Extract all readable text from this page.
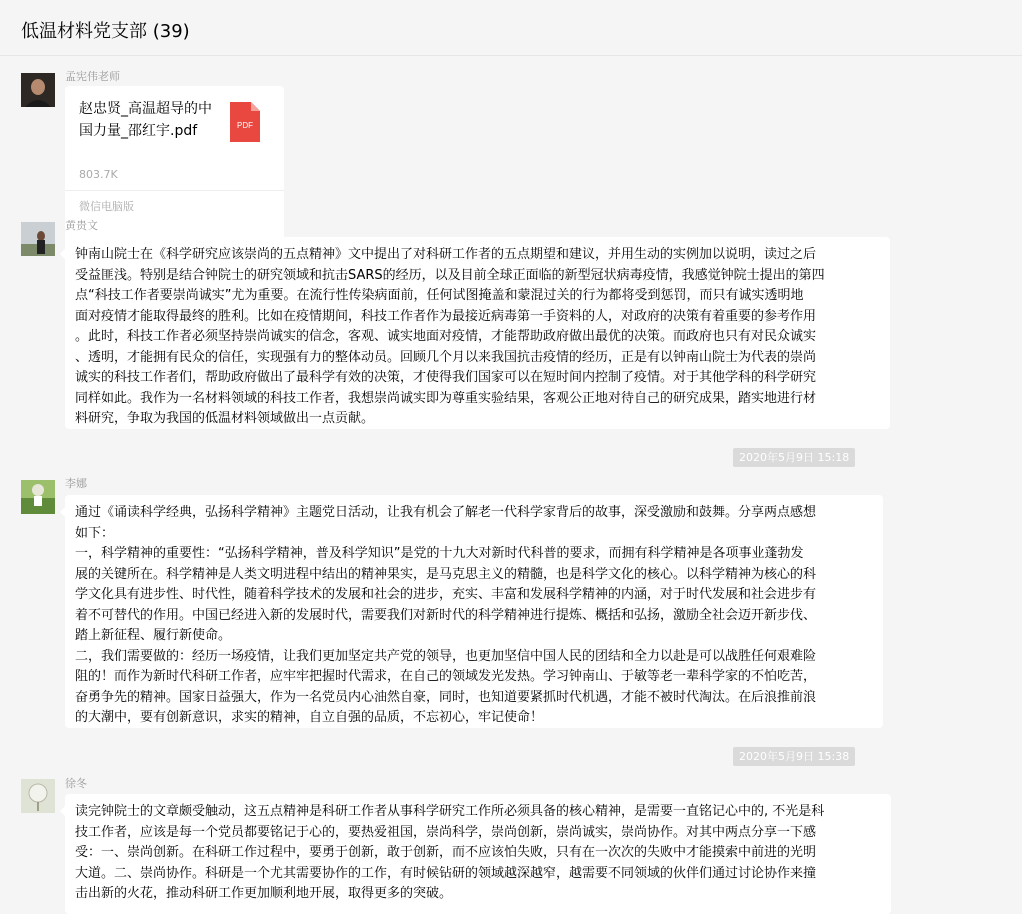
低温材料党支部 (39)
孟宪伟老师
赵忠贤_高温超导的中
国力量_邵红宇.pdf	PDF
803.7K
微信电脑版
黄贵文
钟南山院士在《科学研究应该崇尚的五点精神》文中提出了对科研工作者的五点期望和建议，并用生动的实例加以说明，读过之后
受益匪浅。特别是结合钟院士的研究领域和抗击SARS的经历，以及目前全球正面临的新型冠状病毒疫情，我感觉钟院士提出的第四
点“科技工作者要崇尚诚实”尤为重要。在流行性传染病面前，任何试图掩盖和蒙混过关的行为都将受到惩罚，而只有诚实透明地
面对疫情才能取得最终的胜利。比如在疫情期间，科技工作者作为最接近病毒第一手资料的人，对政府的决策有着重要的参考作用
。此时，科技工作者必须坚持崇尚诚实的信念，客观、诚实地面对疫情，才能帮助政府做出最优的决策。而政府也只有对民众诚实
、透明，才能拥有民众的信任，实现强有力的整体动员。回顾几个月以来我国抗击疫情的经历，正是有以钟南山院士为代表的崇尚
诚实的科技工作者们，帮助政府做出了最科学有效的决策，才使得我们国家可以在短时间内控制了疫情。对于其他学科的科学研究
同样如此。我作为一名材料领域的科技工作者，我想崇尚诚实即为尊重实验结果，客观公正地对待自己的研究成果，踏实地进行材
料研究，争取为我国的低温材料领域做出一点贡献。
2020年5月9日 15:18
李娜
通过《诵读科学经典，弘扬科学精神》主题党日活动，让我有机会了解老一代科学家背后的故事，深受激励和鼓舞。分享两点感想
如下：
一，科学精神的重要性：“弘扬科学精神，普及科学知识”是党的十九大对新时代科普的要求，而拥有科学精神是各项事业蓬勃发
展的关键所在。科学精神是人类文明进程中结出的精神果实，是马克思主义的精髓，也是科学文化的核心。以科学精神为核心的科
学文化具有进步性、时代性，随着科学技术的发展和社会的进步，充实、丰富和发展科学精神的内涵，对于时代发展和社会进步有
着不可替代的作用。中国已经进入新的发展时代，需要我们对新时代的科学精神进行提炼、概括和弘扬，激励全社会迈开新步伐、
踏上新征程、履行新使命。
二，我们需要做的：经历一场疫情，让我们更加坚定共产党的领导，也更加坚信中国人民的团结和全力以赴是可以战胜任何艰难险
阻的！而作为新时代科研工作者，应牢牢把握时代需求，在自己的领域发光发热。学习钟南山、于敏等老一辈科学家的不怕吃苦，
奋勇争先的精神。国家日益强大，作为一名党员内心油然自豪，同时，也知道要紧抓时代机遇，才能不被时代淘汰。在后浪推前浪
的大潮中，要有创新意识，求实的精神，自立自强的品质，不忘初心，牢记使命！
2020年5月9日 15:38
徐冬
读完钟院士的文章颇受触动，这五点精神是科研工作者从事科学研究工作所必须具备的核心精神，是需要一直铭记心中的, 不光是科
技工作者，应该是每一个党员都要铭记于心的，要热爱祖国，崇尚科学，崇尚创新，崇尚诚实，崇尚协作。对其中两点分享一下感
受：一、崇尚创新。在科研工作过程中，要勇于创新，敢于创新，而不应该怕失败，只有在一次次的失败中才能摸索中前进的光明
大道。二、崇尚协作。科研是一个尤其需要协作的工作，有时候钻研的领域越深越窄，越需要不同领域的伙伴们通过讨论协作来撞
击出新的火花，推动科研工作更加顺利地开展，取得更多的突破。
